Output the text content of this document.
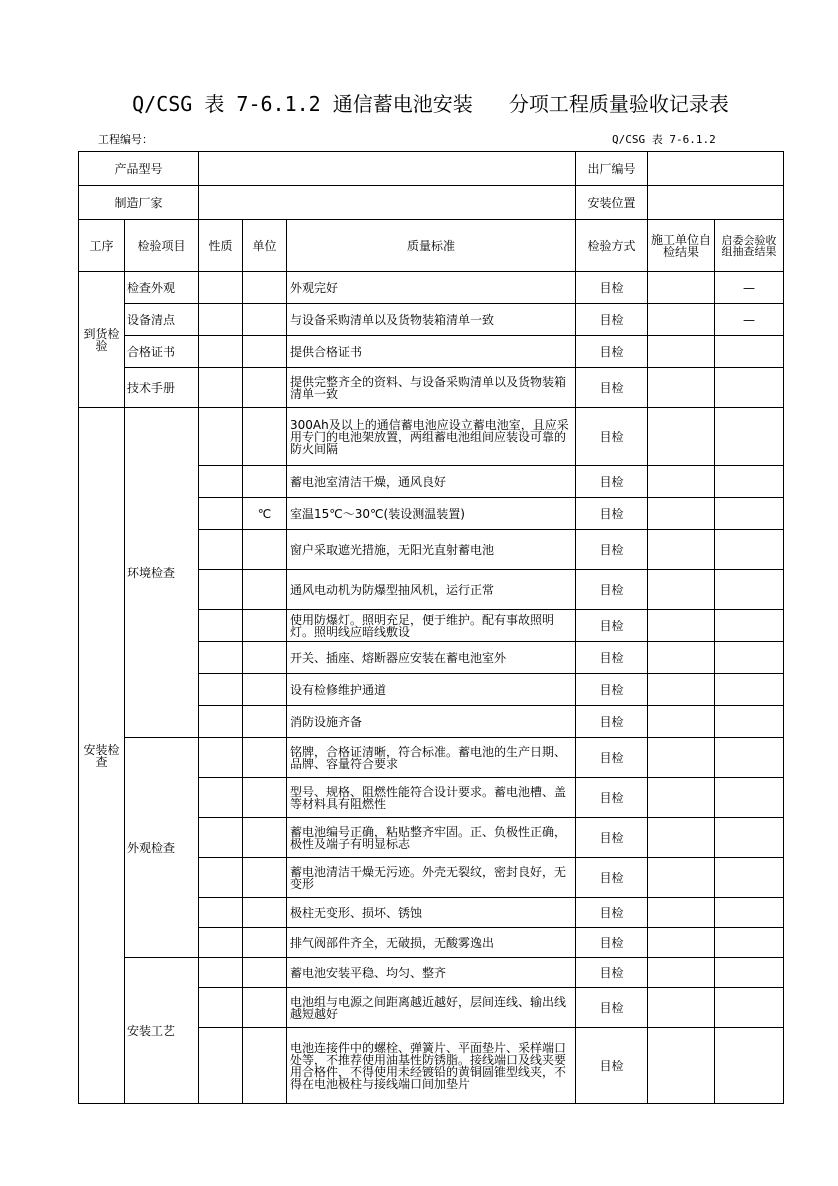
Q/CSG 表 7-6.1.2 通信蓄电池安装   分项工程质量验收记录表
工程编号：	Q/CSG 表 7-6.1.2
产品型号					出厂编号		
制造厂家					安装位置		
工序	检验项目	性质	单位	质量标准	检验方式	施工单位自检结果	启委会验收组抽查结果
到货检验	检查外观			外观完好	目检		—
	设备清点			与设备采购清单以及货物装箱清单一致	目检		—
	合格证书			提供合格证书	目检		
	技术手册			提供完整齐全的资料、与设备采购清单以及货物装箱清单一致	目检		
安装检查	环境检查			300Ah及以上的通信蓄电池应设立蓄电池室，且应采用专门的电池架放置，两组蓄电池组间应装设可靠的防火间隔	目检		
				蓄电池室清洁干燥，通风良好	目检		
			℃	室温15℃～30℃(装设测温装置)	目检		
				窗户采取遮光措施，无阳光直射蓄电池	目检		
				通风电动机为防爆型抽风机，运行正常	目检		
				使用防爆灯。照明充足，便于维护。配有事故照明灯。照明线应暗线敷设	目检		
				开关、插座、熔断器应安装在蓄电池室外	目检		
				设有检修维护通道	目检		
				消防设施齐备	目检		
	外观检查			铭牌，合格证清晰，符合标准。蓄电池的生产日期、品牌、容量符合要求	目检		
				型号、规格、阻燃性能符合设计要求。蓄电池槽、盖等材料具有阻燃性	目检		
				蓄电池编号正确，粘贴整齐牢固。正、负极性正确，极性及端子有明显标志	目检		
				蓄电池清洁干燥无污迹。外壳无裂纹，密封良好，无变形	目检		
				极柱无变形、损坏、锈蚀	目检		
				排气阀部件齐全，无破损，无酸雾逸出	目检		
	安装工艺			蓄电池安装平稳、均匀、整齐	目检		
				电池组与电源之间距离越近越好，层间连线、输出线越短越好	目检		
				电池连接件中的螺栓、弹簧片、平面垫片、采样端口处等，不推荐使用油基性防锈脂。接线端口及线夹要用合格件，不得使用未经镀铅的黄铜圆锥型线夹，不得在电池极柱与接线端口间加垫片	目检		
